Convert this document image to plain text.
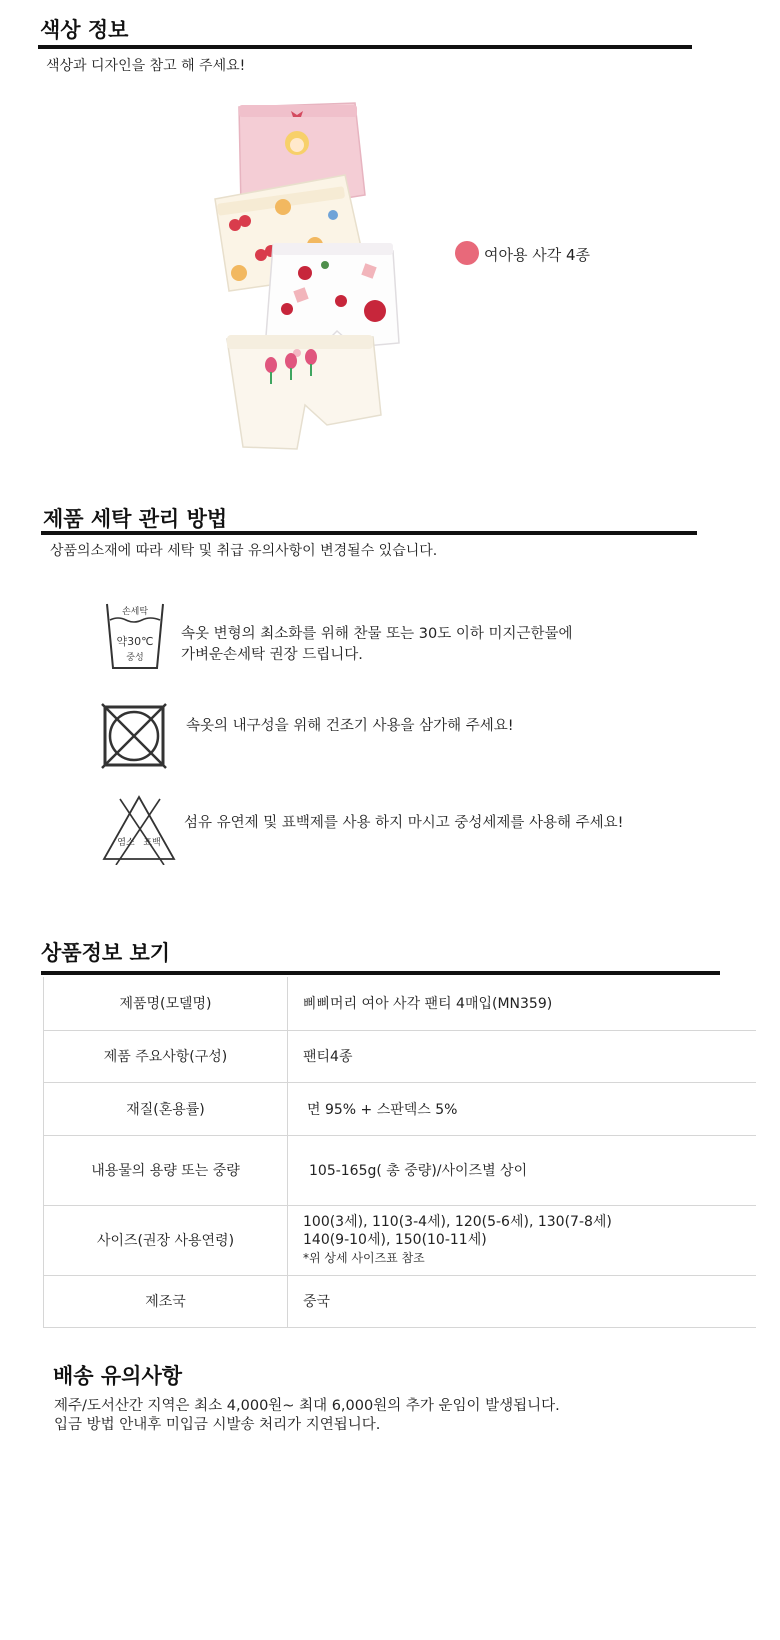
색상 정보
색상과 디자인을 참고 해 주세요!
여아용 사각 4종
제품 세탁 관리 방법
상품의소재에 따라 세탁 및 취급 유의사항이 변경될수 있습니다.
손세탁
약30℃
중성
속옷 변형의 최소화를 위해 찬물 또는 30도 이하 미지근한물에
가벼운손세탁 권장 드립니다.
속옷의 내구성을 위해 건조기 사용을 삼가해 주세요!
염소 표백
섬유 유연제 및 표백제를 사용 하지 마시고 중성세제를 사용해 주세요!
상품정보 보기
제품명(모델명)	삐삐머리 여아 사각 팬티 4매입(MN359)
제품 주요사항(구성)	팬티4종
재질(혼용률)	면 95% + 스판덱스 5%
내용물의 용량 또는 중량	105-165g( 총 중량)/사이즈별 상이
사이즈(권장 사용연령)	100(3세), 110(3-4세), 120(5-6세), 130(7-8세)
140(9-10세), 150(10-11세)
*위 상세 사이즈표 참조

제조국	중국
배송 유의사항
제주/도서산간 지역은 최소 4,000원~ 최대 6,000원의 추가 운임이 발생됩니다.
입금 방법 안내후 미입금 시발송 처리가 지연됩니다.
